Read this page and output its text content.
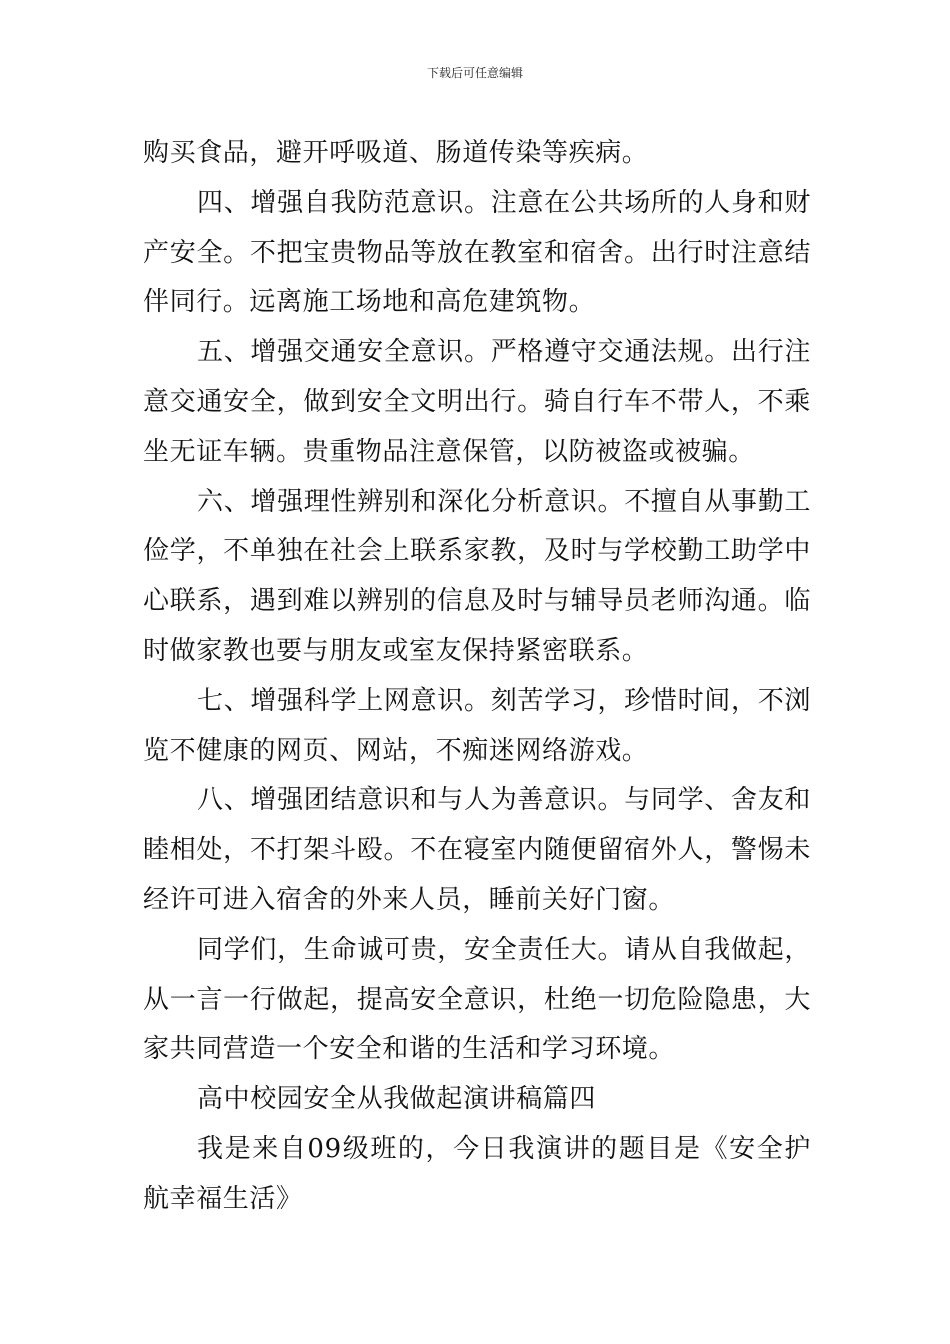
下载后可任意编辑

购买食品，避开呼吸道、肠道传染等疾病。

四、增强自我防范意识。注意在公共场所的人身和财产安全。不把宝贵物品等放在教室和宿舍。出行时注意结伴同行。远离施工场地和高危建筑物。

五、增强交通安全意识。严格遵守交通法规。出行注意交通安全，做到安全文明出行。骑自行车不带人，不乘坐无证车辆。贵重物品注意保管，以防被盗或被骗。

六、增强理性辨别和深化分析意识。不擅自从事勤工俭学，不单独在社会上联系家教，及时与学校勤工助学中心联系，遇到难以辨别的信息及时与辅导员老师沟通。临时做家教也要与朋友或室友保持紧密联系。

七、增强科学上网意识。刻苦学习，珍惜时间，不浏览不健康的网页、网站，不痴迷网络游戏。

八、增强团结意识和与人为善意识。与同学、舍友和睦相处，不打架斗殴。不在寝室内随便留宿外人，警惕未经许可进入宿舍的外来人员，睡前关好门窗。

同学们，生命诚可贵，安全责任大。请从自我做起，从一言一行做起，提高安全意识，杜绝一切危险隐患，大家共同营造一个安全和谐的生活和学习环境。

高中校园安全从我做起演讲稿篇四

我是来自09级班的，今日我演讲的题目是《安全护航幸福生活》
